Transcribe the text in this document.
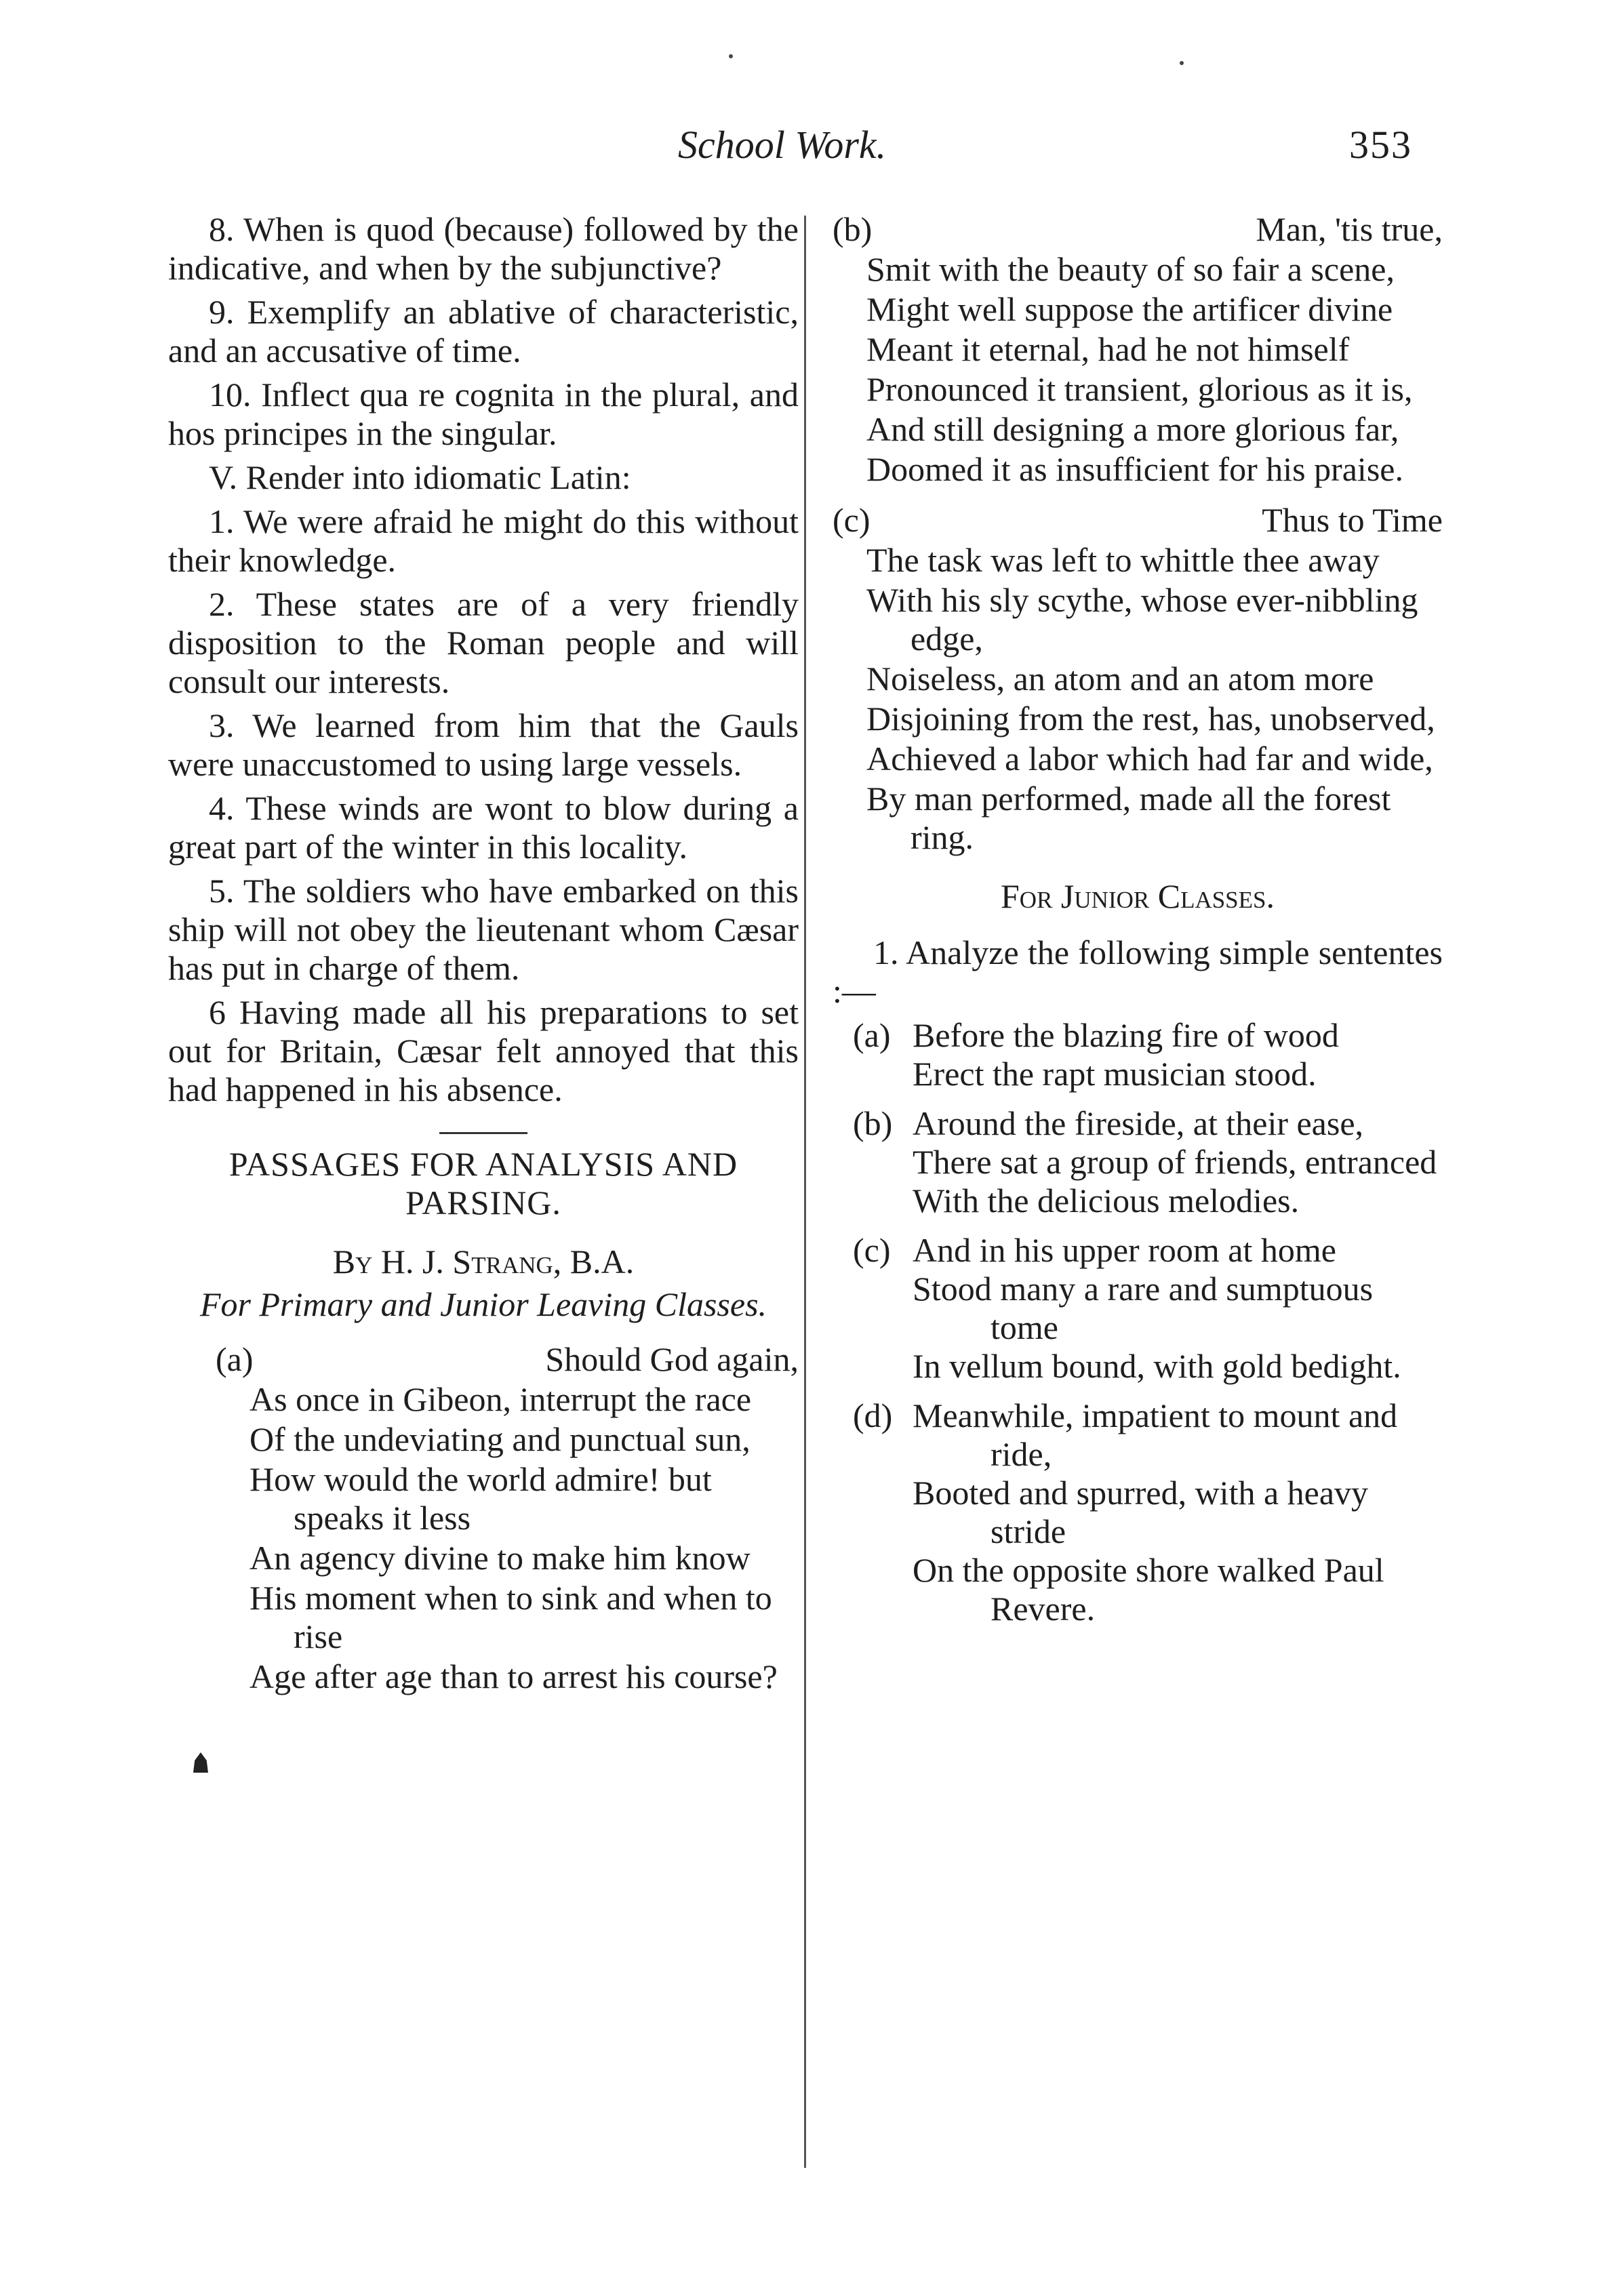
School Work.	353

8. When is quod (because) followed by the indicative, and when by the subjunctive?

9. Exemplify an ablative of characteristic, and an accusative of time.

10. Inflect qua re cognita in the plural, and hos principes in the singular.

V. Render into idiomatic Latin:

1. We were afraid he might do this without their knowledge.

2. These states are of a very friendly disposition to the Roman people and will consult our interests.

3. We learned from him that the Gauls were unaccustomed to using large vessels.

4. These winds are wont to blow during a great part of the winter in this locality.

5. The soldiers who have embarked on this ship will not obey the lieutenant whom Cæsar has put in charge of them.

6 Having made all his preparations to set out for Britain, Cæsar felt annoyed that this had happened in his absence.

PASSAGES FOR ANALYSIS AND PARSING.

By H. J. Strang, B.A.

For Primary and Junior Leaving Classes.

(a)	Should God again,

As once in Gibeon, interrupt the race

Of the undeviating and punctual sun,

How would the world admire! but speaks it less

An agency divine to make him know

His moment when to sink and when to rise

Age after age than to arrest his course?

(b)	Man, 'tis true,

Smit with the beauty of so fair a scene,

Might well suppose the artificer divine

Meant it eternal, had he not himself

Pronounced it transient, glorious as it is,

And still designing a more glorious far,

Doomed it as insufficient for his praise.

(c)	Thus to Time

The task was left to whittle thee away

With his sly scythe, whose ever-nibbling edge,

Noiseless, an atom and an atom more

Disjoining from the rest, has, unobserved,

Achieved a labor which had far and wide,

By man performed, made all the forest ring.

For Junior Classes.

1. Analyze the following simple sententes :—

(a) Before the blazing fire of wood

Erect the rapt musician stood.

(b) Around the fireside, at their ease,

There sat a group of friends, entranced

With the delicious melodies.

(c) And in his upper room at home

Stood many a rare and sumptuous tome

In vellum bound, with gold bedight.

(d) Meanwhile, impatient to mount and ride,

Booted and spurred, with a heavy stride

On the opposite shore walked Paul Revere.
